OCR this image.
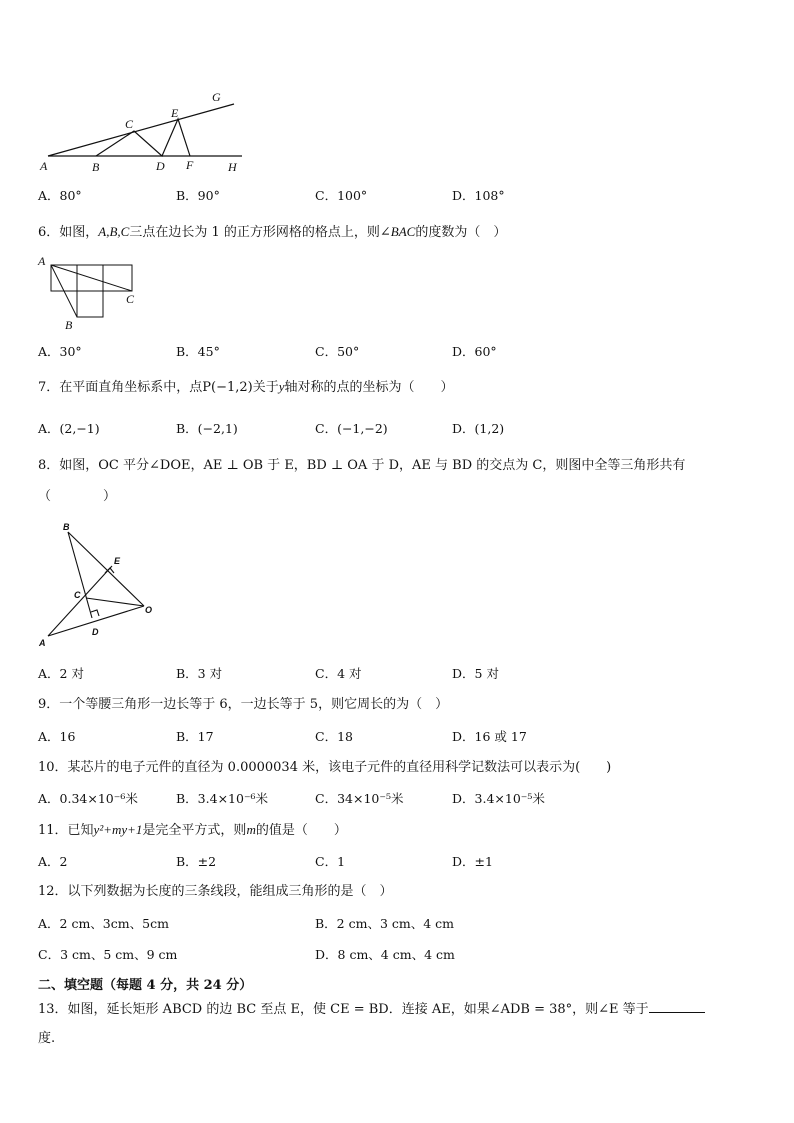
A	B
C
D
E
F
G
H
A．80°	B．90°	C．100°	D．108°
6．如图，A,B,C三点在边长为 1 的正方形网格的格点上，则∠BAC的度数为（　）
A
B
C
A．30°	B．45°	C．50°	D．60°
7．在平面直角坐标系中，点P(−1,2)关于y轴对称的点的坐标为（　　）
A．(2,−1)	B．(−2,1)	C．(−1,−2)	D．(1,2)
8．如图，OC 平分∠DOE，AE ⊥ OB 于 E，BD ⊥ OA 于 D，AE 与 BD 的交点为 C，则图中全等三角形共有
（　　　　）
B
E
C
O
A
D
A．2 对	B．3 对	C．4 对	D．5 对
9．一个等腰三角形一边长等于 6，一边长等于 5，则它周长的为（　）
A．16	B．17	C．18	D．16 或 17
10．某芯片的电子元件的直径为 0.0000034 米，该电子元件的直径用科学记数法可以表示为(　　)
A．0.34×10⁻⁶米	B．3.4×10⁻⁶米	C．34×10⁻⁵米	D．3.4×10⁻⁵米
11．已知y²+my+1是完全平方式，则m的值是（　　）
A．2	B．±2	C．1	D．±1
12．以下列数据为长度的三条线段，能组成三角形的是（　）
A．2 cm、3cm、5cm	B．2 cm、3 cm、4 cm
C．3 cm、5 cm、9 cm	D．8 cm、4 cm、4 cm
二、填空题（每题 4 分，共 24 分）
13．如图，延长矩形 ABCD 的边 BC 至点 E，使 CE = BD．连接 AE，如果∠ADB = 38°，则∠E 等于
度.
